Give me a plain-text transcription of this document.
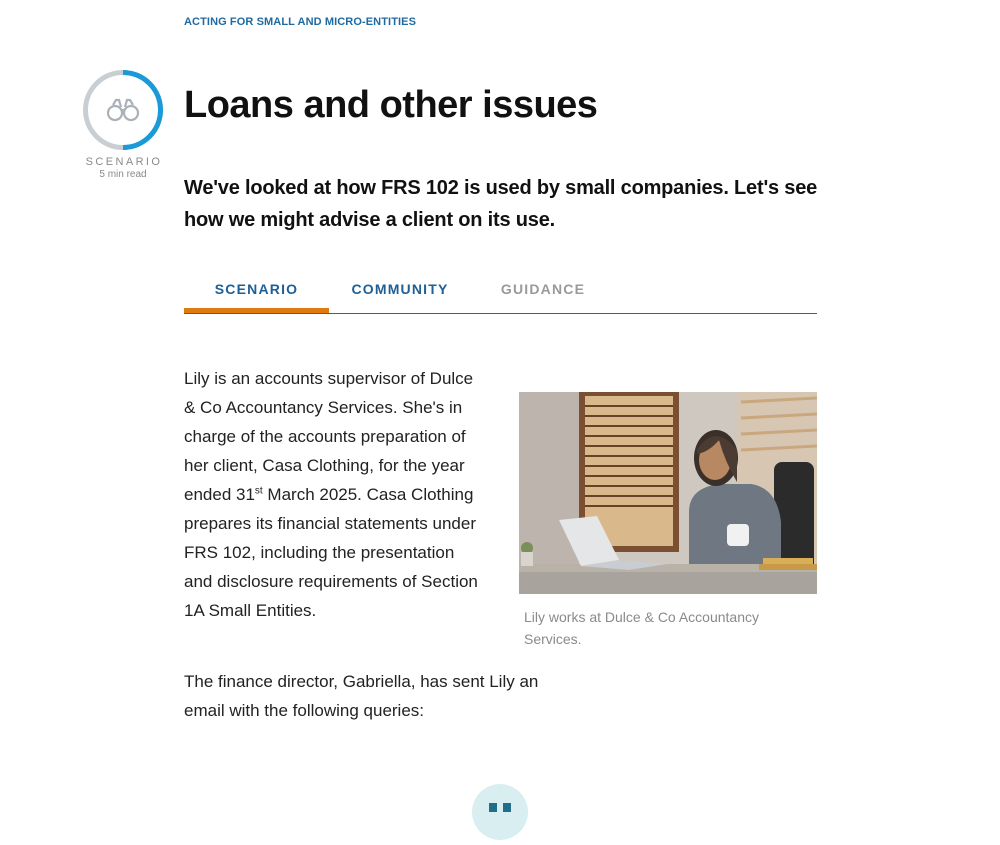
ACTING FOR SMALL AND MICRO-ENTITIES
SCENARIO
5 min read
Loans and other issues

We've looked at how FRS 102 is used by small companies. Let's see how we might advise a client on its use.

SCENARIO	COMMUNITY	GUIDANCE

Lily is an accounts supervisor of Dulce & Co Accountancy Services. She's in charge of the accounts preparation of her client, Casa Clothing, for the year ended 31st March 2025. Casa Clothing prepares its financial statements under FRS 102, including the presentation and disclosure requirements of Section 1A Small Entities.	Lily works at Dulce & Co Accountancy Services.

The finance director, Gabriella, has sent Lily an email with the following queries:
